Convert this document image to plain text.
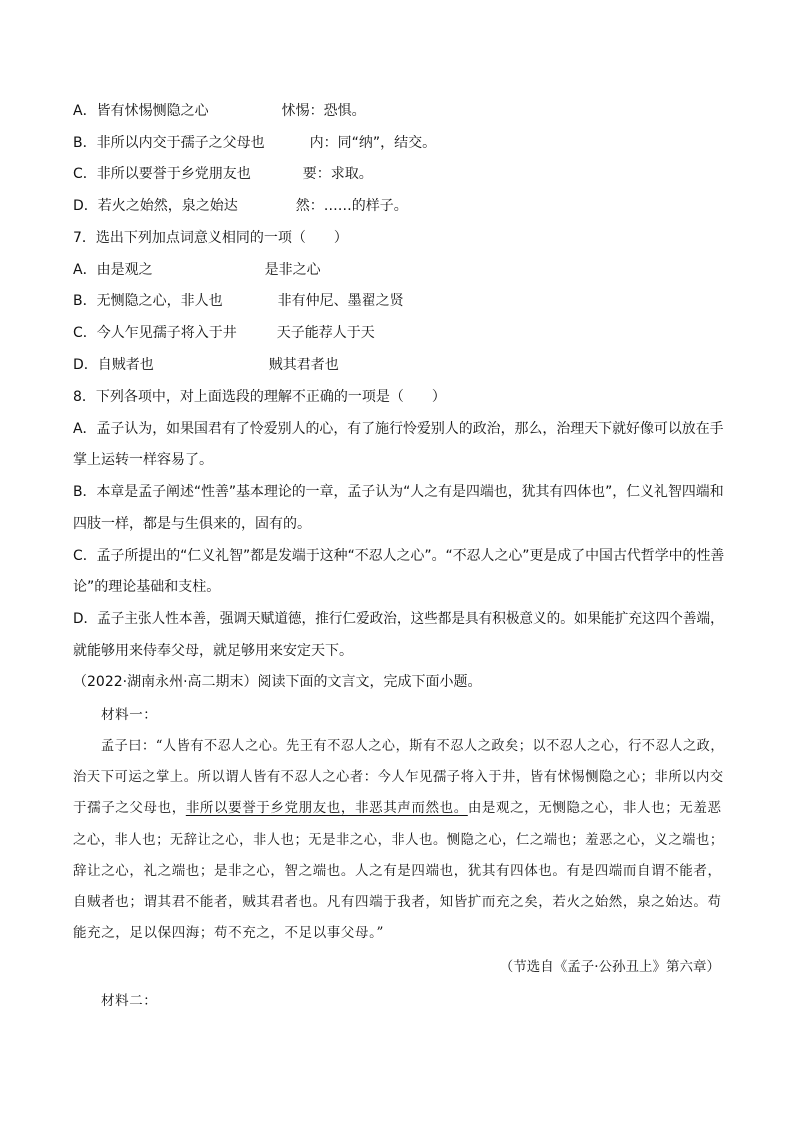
A．皆有怵惕恻隐之心	怵惕：恐惧。
B．非所以内交于孺子之父母也	内：同“纳”，结交。
C．非所以要誉于乡党朋友也	要：求取。
D．若火之始然，泉之始达	然：……的样子。
7．选出下列加点词意义相同的一项（　　）
A．由是观之	是非之心
B．无恻隐之心，非人也	非有仲尼、墨翟之贤
C．今人乍见孺子将入于井	天子能荐人于天
D．自贼者也	贼其君者也
8．下列各项中，对上面选段的理解不正确的一项是（　　）
A．孟子认为，如果国君有了怜爱别人的心，有了施行怜爱别人的政治，那么，治理天下就好像可以放在手
掌上运转一样容易了。
B．本章是孟子阐述“性善”基本理论的一章，孟子认为“人之有是四端也，犹其有四体也”，仁义礼智四端和
四肢一样，都是与生俱来的，固有的。
C．孟子所提出的“仁义礼智”都是发端于这种“不忍人之心”。“不忍人之心”更是成了中国古代哲学中的性善
论”的理论基础和支柱。
D．孟子主张人性本善，强调天赋道德，推行仁爱政治，这些都是具有积极意义的。如果能扩充这四个善端，
就能够用来侍奉父母，就足够用来安定天下。
（2022·湖南永州·高二期末）阅读下面的文言文，完成下面小题。
材料一：
孟子曰：“人皆有不忍人之心。先王有不忍人之心，斯有不忍人之政矣；以不忍人之心，行不忍人之政，
治天下可运之掌上。所以谓人皆有不忍人之心者：今人乍见孺子将入于井，皆有怵惕恻隐之心；非所以内交
于孺子之父母也，非所以要誉于乡党朋友也，非恶其声而然也。由是观之，无恻隐之心，非人也；无羞恶
之心，非人也；无辞让之心，非人也；无是非之心，非人也。恻隐之心，仁之端也；羞恶之心，义之端也；
辞让之心，礼之端也；是非之心，智之端也。人之有是四端也，犹其有四体也。有是四端而自谓不能者，
自贼者也；谓其君不能者，贼其君者也。凡有四端于我者，知皆扩而充之矣，若火之始然，泉之始达。苟
能充之，足以保四海；苟不充之，不足以事父母。”
（节选自《孟子·公孙丑上》第六章）
材料二：
